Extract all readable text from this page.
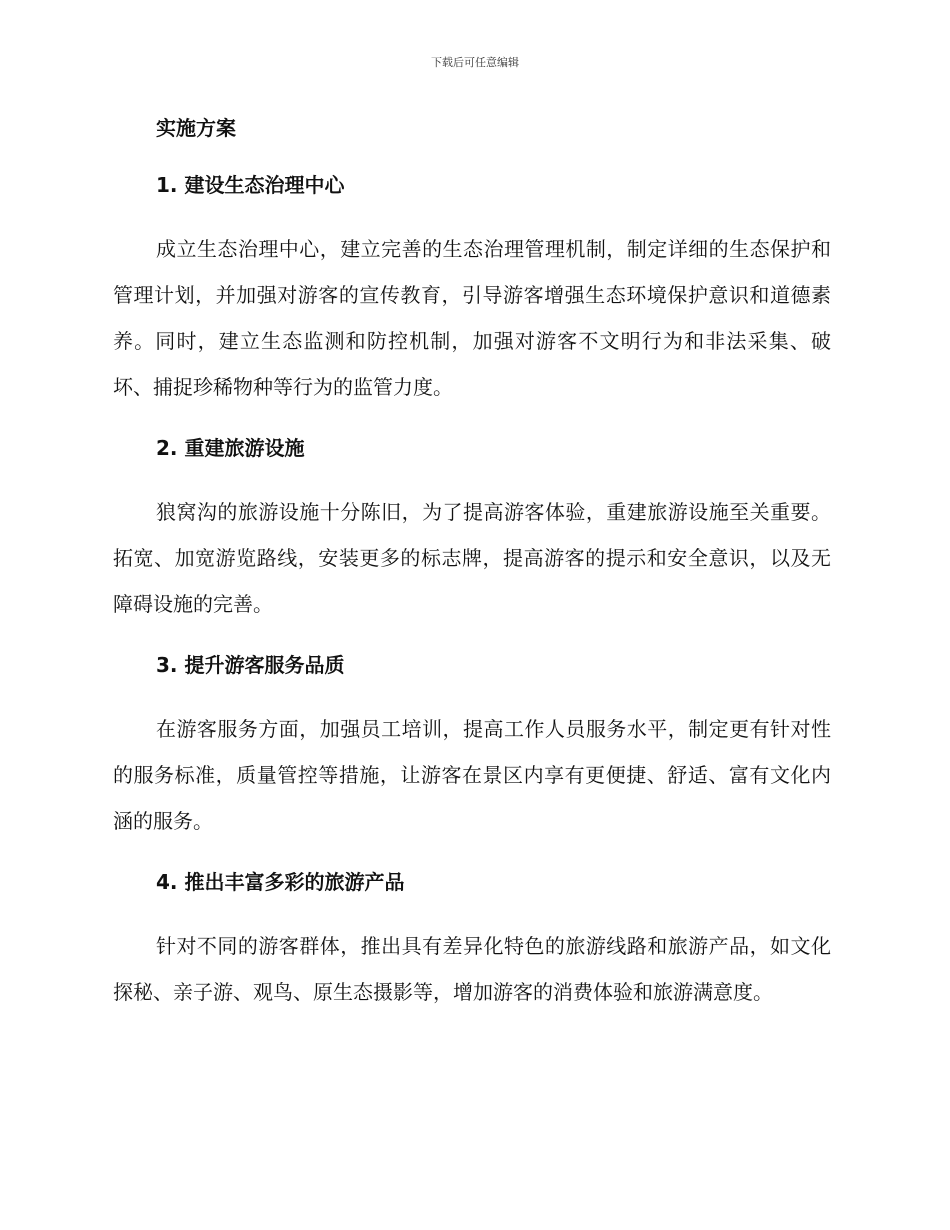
下载后可任意编辑
实施方案
1. 建设生态治理中心

成立生态治理中心，建立完善的生态治理管理机制，制定详细的生态保护和管理计划，并加强对游客的宣传教育，引导游客增强生态环境保护意识和道德素养。同时，建立生态监测和防控机制，加强对游客不文明行为和非法采集、破坏、捕捉珍稀物种等行为的监管力度。

2. 重建旅游设施

狼窝沟的旅游设施十分陈旧，为了提高游客体验，重建旅游设施至关重要。拓宽、加宽游览路线，安装更多的标志牌，提高游客的提示和安全意识，以及无障碍设施的完善。

3. 提升游客服务品质

在游客服务方面，加强员工培训，提高工作人员服务水平，制定更有针对性的服务标准，质量管控等措施，让游客在景区内享有更便捷、舒适、富有文化内涵的服务。

4. 推出丰富多彩的旅游产品

针对不同的游客群体，推出具有差异化特色的旅游线路和旅游产品，如文化探秘、亲子游、观鸟、原生态摄影等，增加游客的消费体验和旅游满意度。
